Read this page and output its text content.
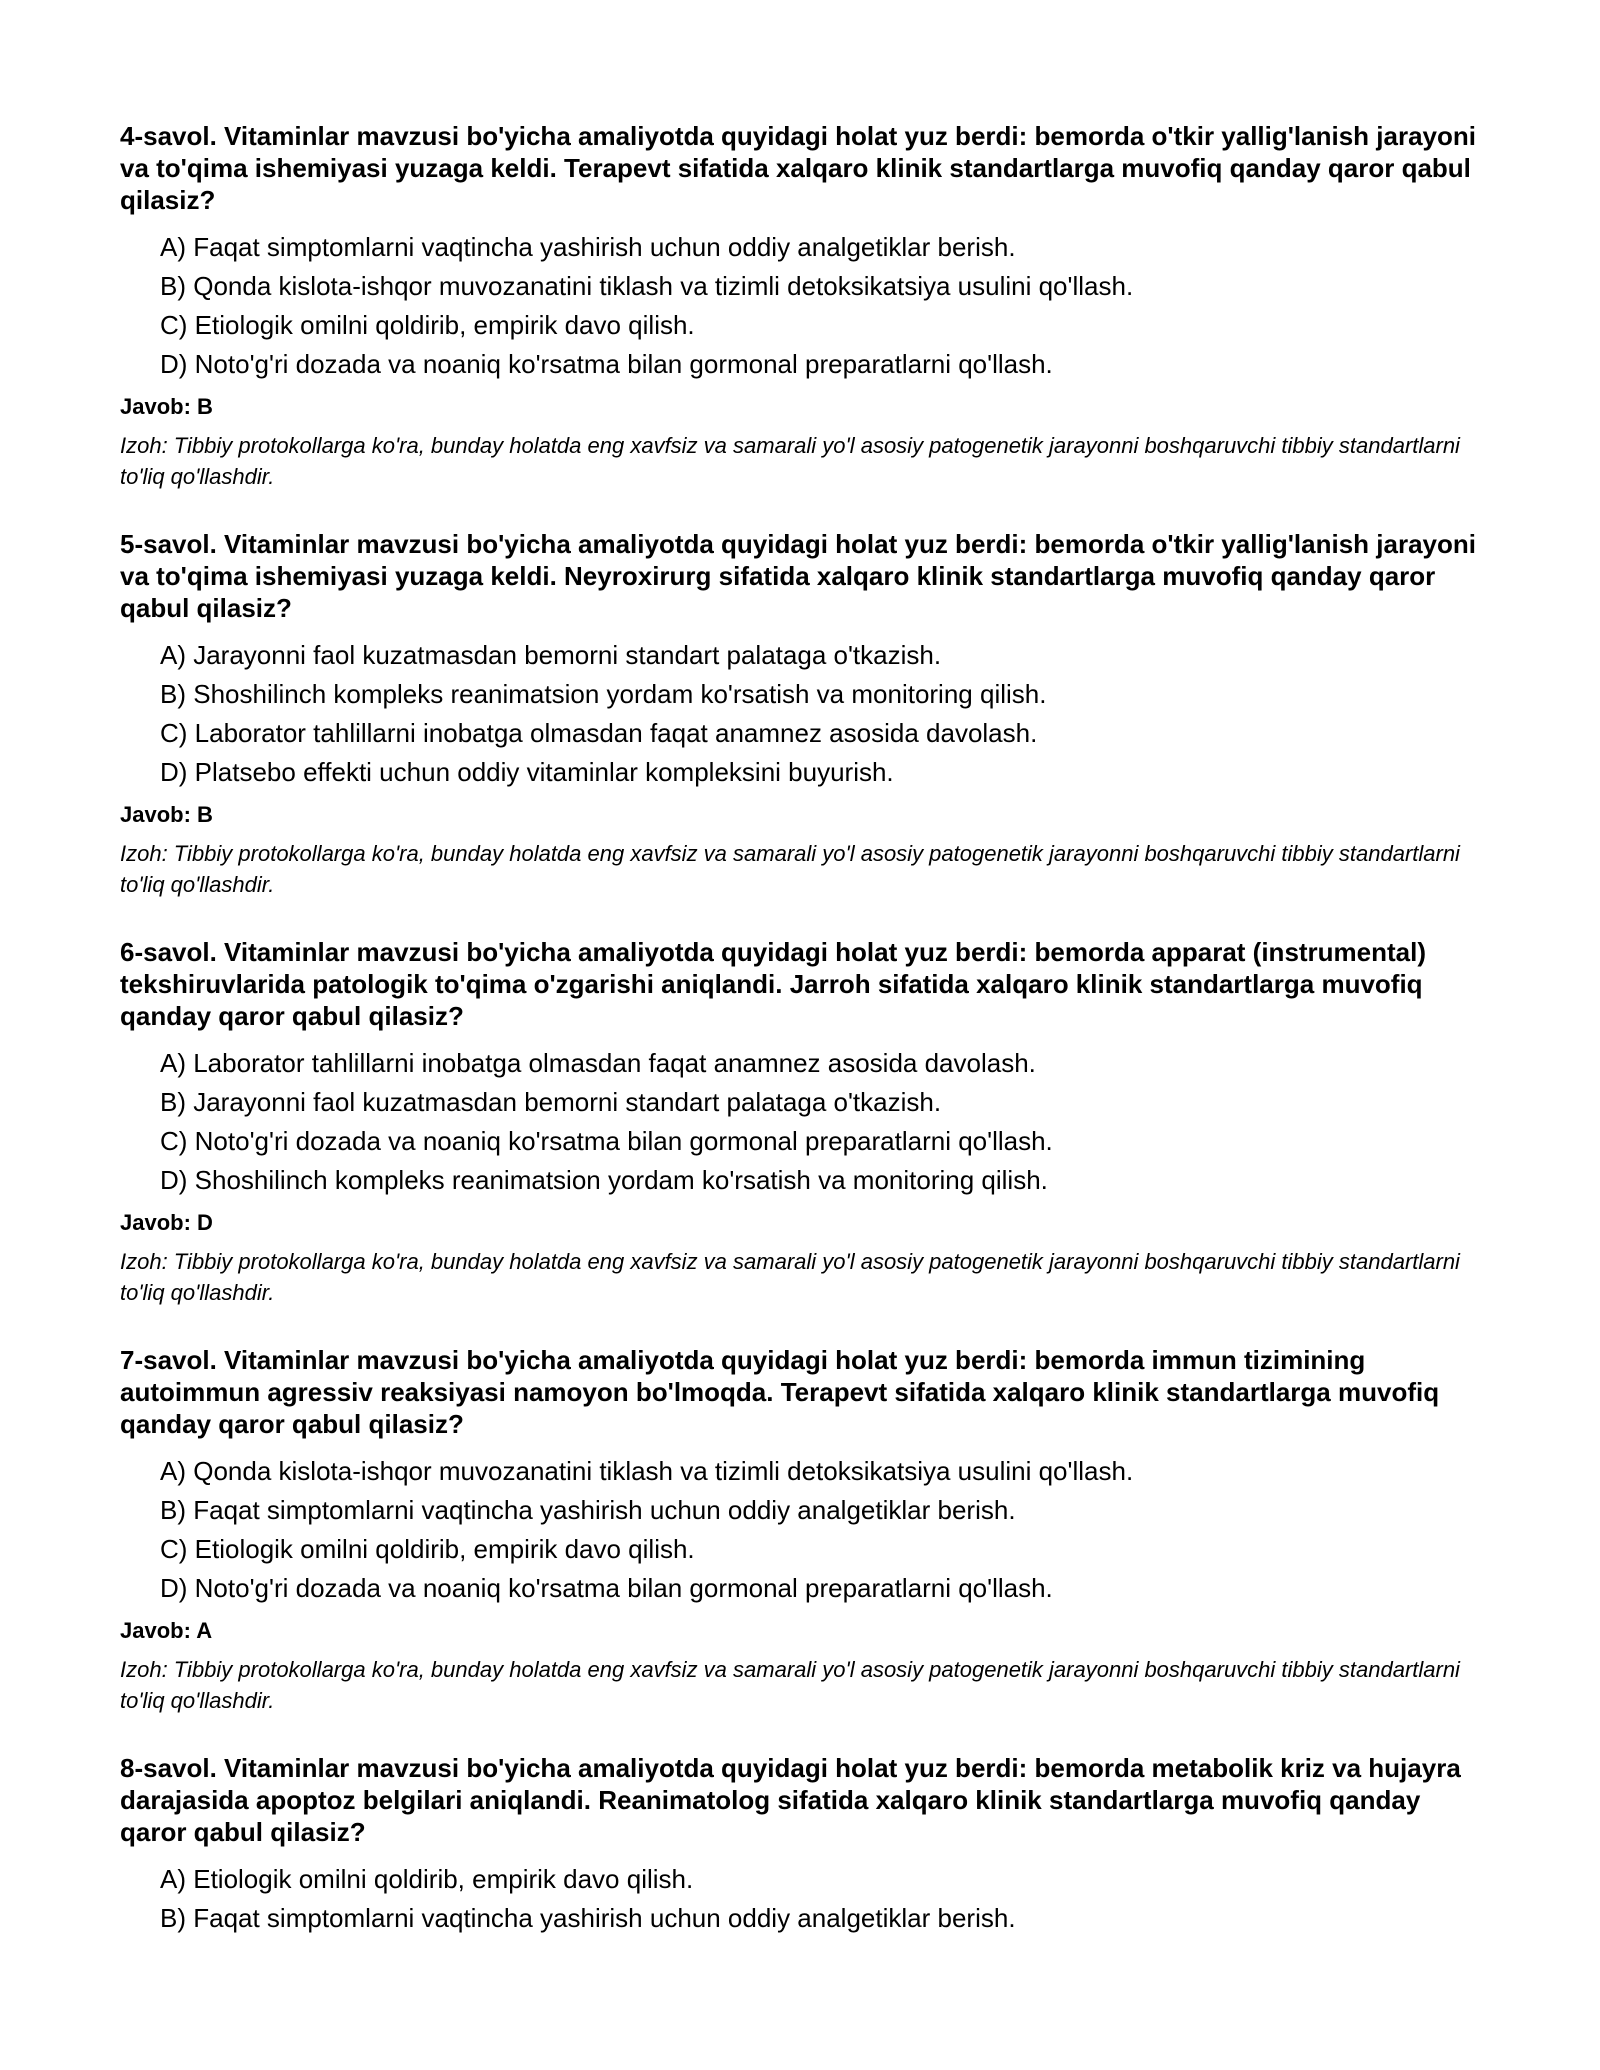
4-savol. Vitaminlar mavzusi bo'yicha amaliyotda quyidagi holat yuz berdi: bemorda o'tkir yallig'lanish jarayoni va to'qima ishemiyasi yuzaga keldi. Terapevt sifatida xalqaro klinik standartlarga muvofiq qanday qaror qabul qilasiz?

A) Faqat simptomlarni vaqtincha yashirish uchun oddiy analgetiklar berish.
B) Qonda kislota-ishqor muvozanatini tiklash va tizimli detoksikatsiya usulini qo'llash.
C) Etiologik omilni qoldirib, empirik davo qilish.
D) Noto'g'ri dozada va noaniq ko'rsatma bilan gormonal preparatlarni qo'llash.

Javob: B

Izoh: Tibbiy protokollarga ko'ra, bunday holatda eng xavfsiz va samarali yo'l asosiy patogenetik jarayonni boshqaruvchi tibbiy standartlarni to'liq qo'llashdir.

5-savol. Vitaminlar mavzusi bo'yicha amaliyotda quyidagi holat yuz berdi: bemorda o'tkir yallig'lanish jarayoni va to'qima ishemiyasi yuzaga keldi. Neyroxirurg sifatida xalqaro klinik standartlarga muvofiq qanday qaror qabul qilasiz?

A) Jarayonni faol kuzatmasdan bemorni standart palataga o'tkazish.
B) Shoshilinch kompleks reanimatsion yordam ko'rsatish va monitoring qilish.
C) Laborator tahlillarni inobatga olmasdan faqat anamnez asosida davolash.
D) Platsebo effekti uchun oddiy vitaminlar kompleksini buyurish.

Javob: B

Izoh: Tibbiy protokollarga ko'ra, bunday holatda eng xavfsiz va samarali yo'l asosiy patogenetik jarayonni boshqaruvchi tibbiy standartlarni to'liq qo'llashdir.

6-savol. Vitaminlar mavzusi bo'yicha amaliyotda quyidagi holat yuz berdi: bemorda apparat (instrumental) tekshiruvlarida patologik to'qima o'zgarishi aniqlandi. Jarroh sifatida xalqaro klinik standartlarga muvofiq qanday qaror qabul qilasiz?

A) Laborator tahlillarni inobatga olmasdan faqat anamnez asosida davolash.
B) Jarayonni faol kuzatmasdan bemorni standart palataga o'tkazish.
C) Noto'g'ri dozada va noaniq ko'rsatma bilan gormonal preparatlarni qo'llash.
D) Shoshilinch kompleks reanimatsion yordam ko'rsatish va monitoring qilish.

Javob: D

Izoh: Tibbiy protokollarga ko'ra, bunday holatda eng xavfsiz va samarali yo'l asosiy patogenetik jarayonni boshqaruvchi tibbiy standartlarni to'liq qo'llashdir.

7-savol. Vitaminlar mavzusi bo'yicha amaliyotda quyidagi holat yuz berdi: bemorda immun tizimining autoimmun agressiv reaksiyasi namoyon bo'lmoqda. Terapevt sifatida xalqaro klinik standartlarga muvofiq qanday qaror qabul qilasiz?

A) Qonda kislota-ishqor muvozanatini tiklash va tizimli detoksikatsiya usulini qo'llash.
B) Faqat simptomlarni vaqtincha yashirish uchun oddiy analgetiklar berish.
C) Etiologik omilni qoldirib, empirik davo qilish.
D) Noto'g'ri dozada va noaniq ko'rsatma bilan gormonal preparatlarni qo'llash.

Javob: A

Izoh: Tibbiy protokollarga ko'ra, bunday holatda eng xavfsiz va samarali yo'l asosiy patogenetik jarayonni boshqaruvchi tibbiy standartlarni to'liq qo'llashdir.

8-savol. Vitaminlar mavzusi bo'yicha amaliyotda quyidagi holat yuz berdi: bemorda metabolik kriz va hujayra darajasida apoptoz belgilari aniqlandi. Reanimatolog sifatida xalqaro klinik standartlarga muvofiq qanday qaror qabul qilasiz?

A) Etiologik omilni qoldirib, empirik davo qilish.
B) Faqat simptomlarni vaqtincha yashirish uchun oddiy analgetiklar berish.
